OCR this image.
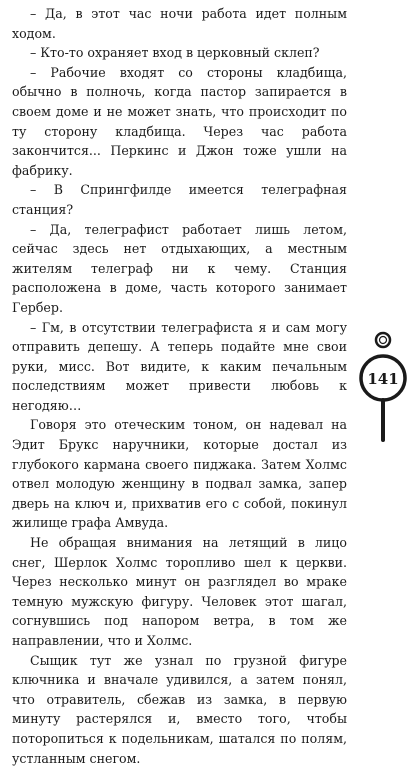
– Да, в этот час ночи работа идет полным ходом.

– Кто-то охраняет вход в церковный склеп?

– Рабочие входят со стороны кладбища, обычно в полночь, когда пастор запирается в своем доме и не может знать, что происходит по ту сторону кладбища. Через час работа закончится... Перкинс и Джон тоже ушли на фабрику.

– В Спрингфилде имеется телеграфная станция?

– Да, телеграфист работает лишь летом, сейчас здесь нет отдыхающих, а местным жителям телеграф ни к чему. Станция расположена в доме, часть которого занимает Гербер.

– Гм, в отсутствии телеграфиста я и сам могу отправить депешу. А теперь подайте мне свои руки, мисс. Вот видите, к каким печальным последствиям может привести любовь к негодяю…

Говоря это отеческим тоном, он надевал на Эдит Брукс наручники, которые достал из глубокого кармана своего пиджака. Затем Холмс отвел молодую женщину в подвал замка, запер дверь на ключ и, прихватив его с собой, покинул жилище графа Амвуда.

Не обращая внимания на летящий в лицо снег, Шерлок Холмс торопливо шел к церкви. Через несколько минут он разглядел во мраке темную мужскую фигуру. Человек этот шагал, согнувшись под напором ветра, в том же направлении, что и Холмс.

Сыщик тут же узнал по грузной фигуре ключника и вначале удивился, а затем понял, что отравитель, сбежав из замка, в первую минуту растерялся и, вместо того, чтобы поторопиться к подельникам, шатался по полям, устланным снегом.

141
